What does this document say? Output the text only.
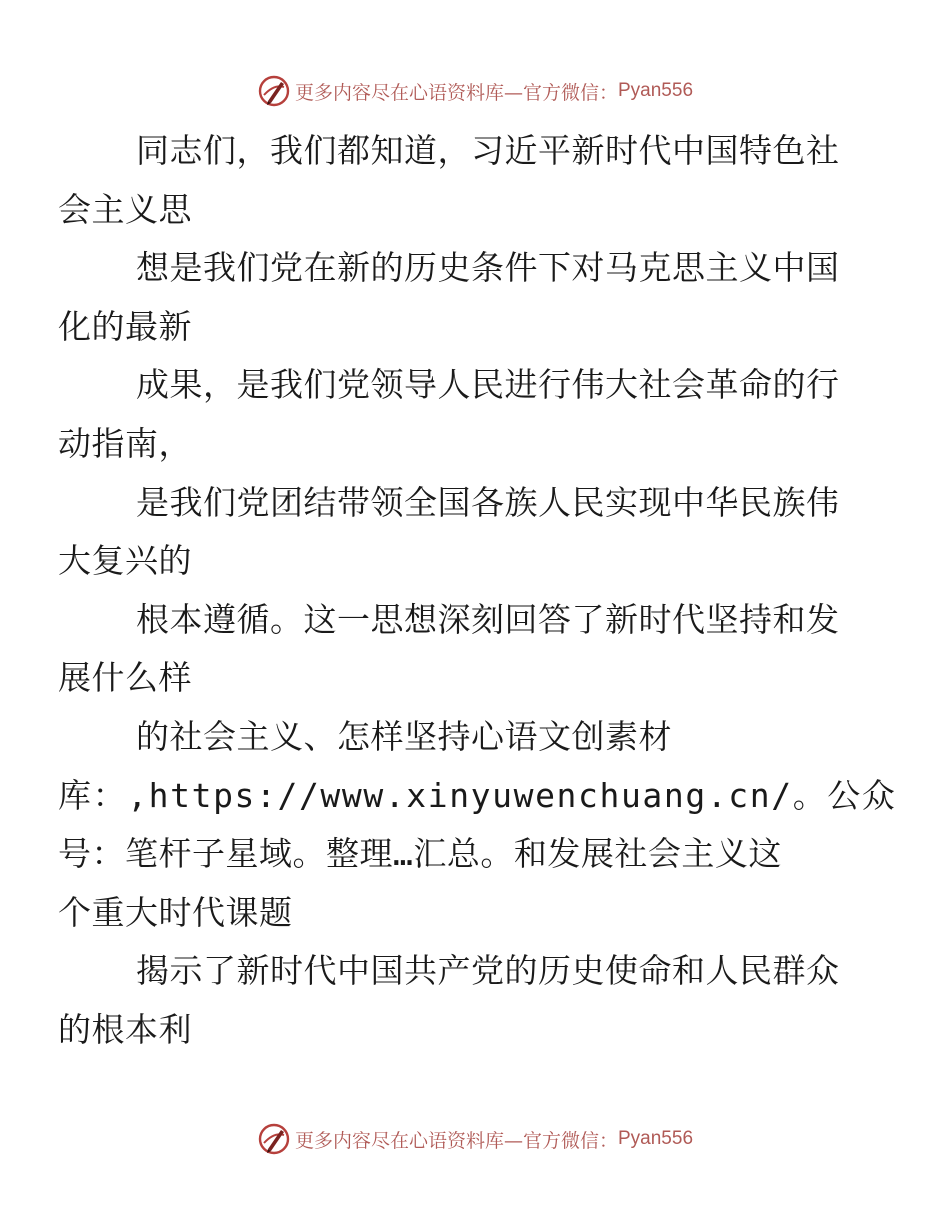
更多内容尽在心语资料库—官方微信： Pyan556

同志们，我们都知道，习近平新时代中国特色社
会主义思

想是我们党在新的历史条件下对马克思主义中国
化的最新

成果，是我们党领导人民进行伟大社会革命的行
动指南，

是我们党团结带领全国各族人民实现中华民族伟
大复兴的

根本遵循。这一思想深刻回答了新时代坚持和发
展什么样

的社会主义、怎样坚持心语文创素材
库：,https://www.xinyuwenchuang.cn/。公众
号：笔杆子星域。整理…汇总。和发展社会主义这
个重大时代课题

揭示了新时代中国共产党的历史使命和人民群众
的根本利

更多内容尽在心语资料库—官方微信： Pyan556
